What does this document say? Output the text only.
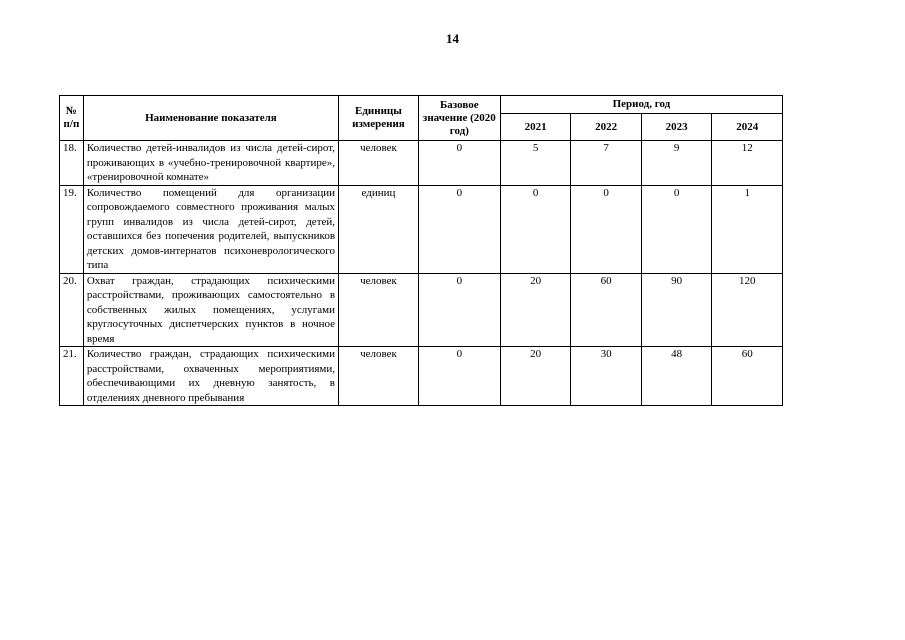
14
№ п/п	Наименование показателя	Единицы измерения	Базовое значение (2020 год)	Период, год			
				2021	2022	2023	2024
18.	Количество детей-инвалидов из числа детей-сирот, проживающих в «учебно-тренировочной квартире», «тренировочной комнате»	человек	0	5	7	9	12
19.	Количество помещений для организации сопровождаемого совместного проживания малых групп инвалидов из числа детей-сирот, детей, оставшихся без попечения родителей, выпускников детских домов-интернатов психоневрологического типа	единиц	0	0	0	0	1
20.	Охват граждан, страдающих психическими расстройствами, проживающих самостоятельно в собственных жилых помещениях, услугами круглосуточных диспетчерских пунктов в ночное время	человек	0	20	60	90	120
21.	Количество граждан, страдающих психическими расстройствами, охваченных мероприятиями, обеспечивающими их дневную занятость, в отделениях дневного пребывания	человек	0	20	30	48	60
